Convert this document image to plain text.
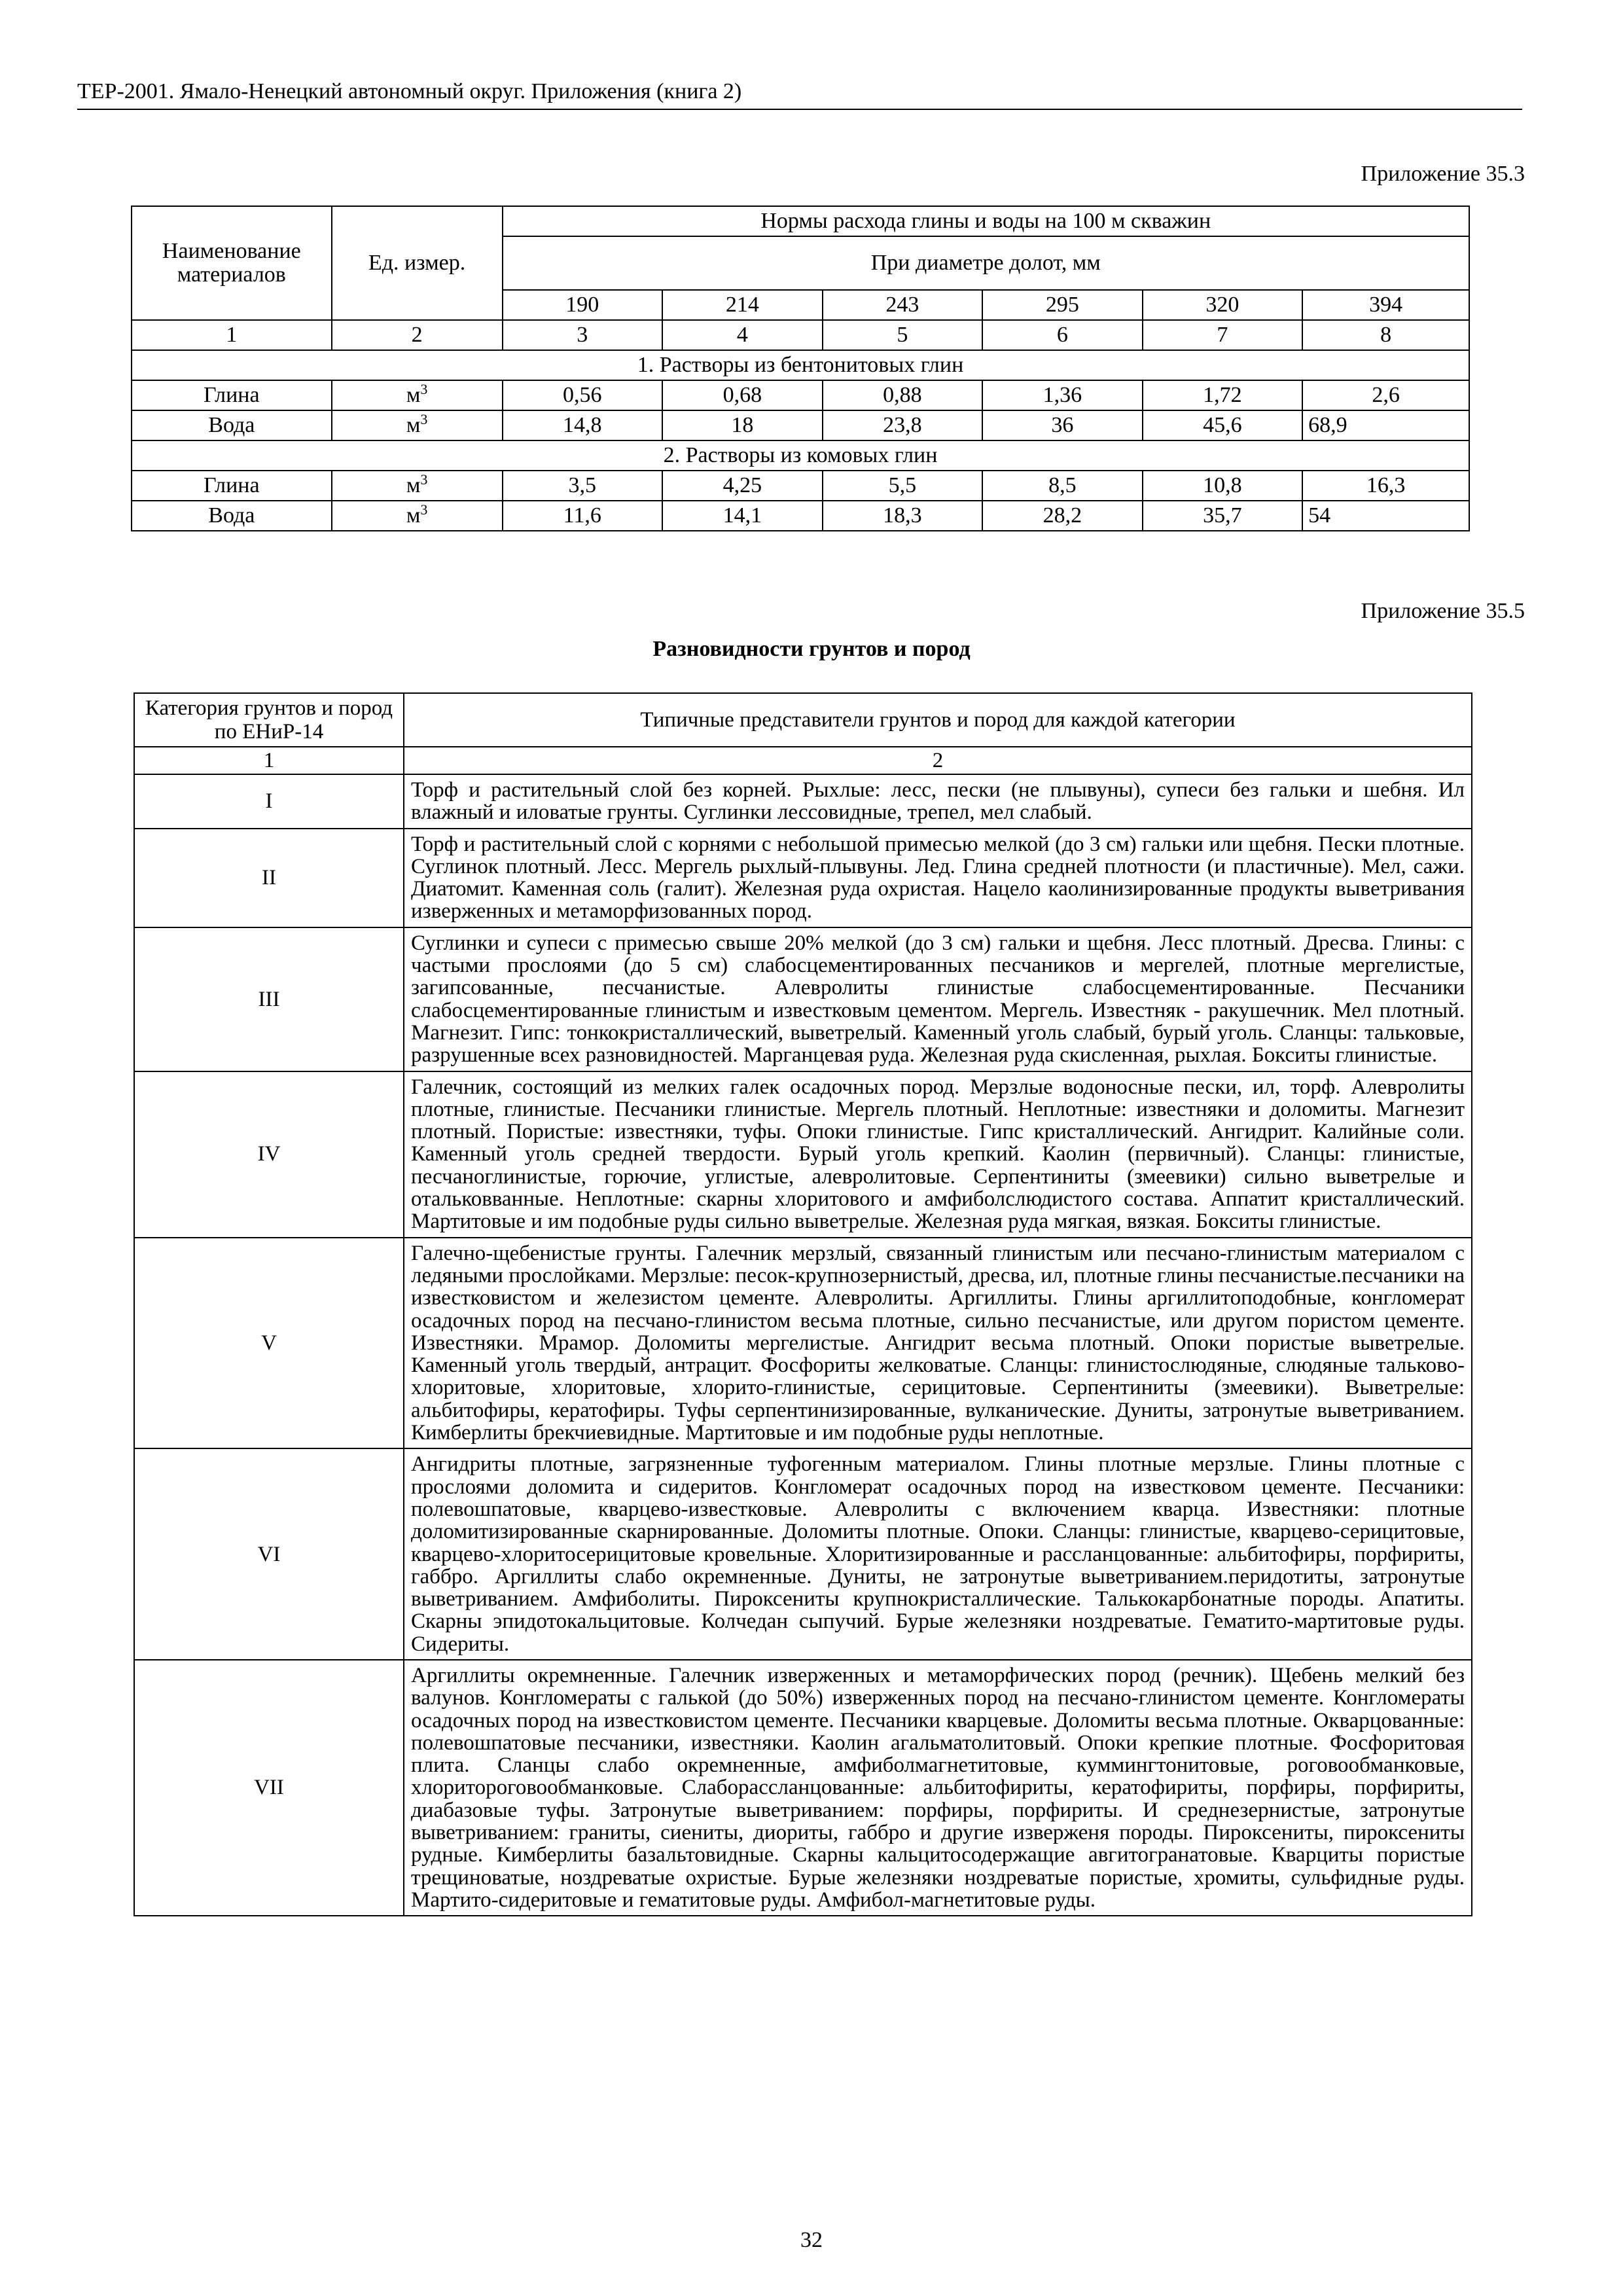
ТЕР-2001. Ямало-Ненецкий автономный округ. Приложения (книга 2)
Приложение 35.3
Наименование материалов	Ед. измер.	Нормы расхода глины и воды на 100 м скважин					
		При диаметре долот, мм					
		190	214	243	295	320	394
1	2	3	4	5	6	7	8
1. Растворы из бентонитовых глин							
Глина	$м^3$	0,56	0,68	0,88	1,36	1,72	2,6
Вода	$м^3$	14,8	18	23,8	36	45,6	68,9
2. Растворы из комовых глин							
Глина	$м^3$	3,5	4,25	5,5	8,5	10,8	16,3
Вода	$м^3$	11,6	14,1	18,3	28,2	35,7	54
Приложение 35.5
Разновидности грунтов и пород
Категория грунтов и пород по ЕНиР-14	Типичные представители грунтов и пород для каждой категории
1	2
I	Торф и растительный слой без корней. Рыхлые: лесс, пески (не плывуны), супеси без гальки и шебня. Ил влажный и иловатые грунты. Суглинки лессовидные, трепел, мел слабый.
II	Торф и растительный слой с корнями с небольшой примесью мелкой (до 3 см) гальки или щебня. Пески плотные. Суглинок плотный. Лесс. Мергель рыхлый-плывуны. Лед. Глина средней плотности (и пластичные). Мел, сажи. Диатомит. Каменная соль (галит). Железная руда охристая. Нацело каолинизированные продукты выветривания изверженных и метаморфизованных пород.
III	Суглинки и супеси с примесью свыше 20% мелкой (до 3 см) гальки и щебня. Лесс плотный. Дресва. Глины: с частыми прослоями (до 5 см) слабосцементированных песчаников и мергелей, плотные мергелистые, загипсованные, песчанистые. Алевролиты глинистые слабосцементированные. Песчаники слабосцементированные глинистым и известковым цементом. Мергель. Известняк - ракушечник. Мел плотный. Магнезит. Гипс: тонкокристаллический, выветрелый. Каменный уголь слабый, бурый уголь. Сланцы: тальковые, разрушенные всех разновидностей. Марганцевая руда. Железная руда скисленная, рыхлая. Бокситы глинистые.
IV	Галечник, состоящий из мелких галек осадочных пород. Мерзлые водоносные пески, ил, торф. Алевролиты плотные, глинистые. Песчаники глинистые. Мергель плотный. Неплотные: известняки и доломиты. Магнезит плотный. Пористые: известняки, туфы. Опоки глинистые. Гипс кристаллический. Ангидрит. Калийные соли. Каменный уголь средней твердости. Бурый уголь крепкий. Каолин (первичный). Сланцы: глинистые, песчаноглинистые, горючие, углистые, алевролитовые. Серпентиниты (змеевики) сильно выветрелые и отальковванные. Неплотные: скарны хлоритового и амфиболслюдистого состава. Аппатит кристаллический. Мартитовые и им подобные руды сильно выветрелые. Железная руда мягкая, вязкая. Бокситы глинистые.
V	Галечно-щебенистые грунты. Галечник мерзлый, связанный глинистым или песчано-глинистым материалом с ледяными прослойками. Мерзлые: песок-крупнозернистый, дресва, ил, плотные глины песчанистые.песчаники на известковистом и железистом цементе. Алевролиты. Аргиллиты. Глины аргиллитоподобные, конгломерат осадочных пород на песчано-глинистом весьма плотные, сильно песчанистые, или другом пористом цементе. Известняки. Мрамор. Доломиты мергелистые. Ангидрит весьма плотный. Опоки пористые выветрелые. Каменный уголь твердый, антрацит. Фосфориты желковатые. Сланцы: глинистослюдяные, слюдяные тальково-хлоритовые, хлоритовые, хлорито-глинистые, серицитовые. Серпентиниты (змеевики). Выветрелые: альбитофиры, кератофиры. Туфы серпентинизированные, вулканические. Дуниты, затронутые выветриванием. Кимберлиты брекчиевидные. Мартитовые и им подобные руды неплотные.
VI	Ангидриты плотные, загрязненные туфогенным материалом. Глины плотные мерзлые. Глины плотные с прослоями доломита и сидеритов. Конгломерат осадочных пород на известковом цементе. Песчаники: полевошпатовые, кварцево-известковые. Алевролиты с включением кварца. Известняки: плотные доломитизированные скарнированные. Доломиты плотные. Опоки. Сланцы: глинистые, кварцево-серицитовые, кварцево-хлоритосерицитовые кровельные. Хлоритизированные и рассланцованные: альбитофиры, порфириты, габбро. Аргиллиты слабо окремненные. Дуниты, не затронутые выветриванием.перидотиты, затронутые выветриванием. Амфиболиты. Пироксениты крупнокристаллические. Талькокарбонатные породы. Апатиты. Скарны эпидотокальцитовые. Колчедан сыпучий. Бурые железняки ноздреватые. Гематито-мартитовые руды. Сидериты.
VII	Аргиллиты окремненные. Галечник изверженных и метаморфических пород (речник). Щебень мелкий без валунов. Конгломераты с галькой (до 50%) изверженных пород на песчано-глинистом цементе. Конгломераты осадочных пород на известковистом цементе. Песчаники кварцевые. Доломиты весьма плотные. Окварцованные: полевошпатовые песчаники, известняки. Каолин агальматолитовый. Опоки крепкие плотные. Фосфоритовая плита. Сланцы слабо окремненные, амфиболмагнетитовые, куммингтонитовые, роговообманковые, хлоритороговообманковые. Слаборассланцованные: альбитофириты, кератофириты, порфиры, порфириты, диабазовые туфы. Затронутые выветриванием: порфиры, порфириты. И среднезернистые, затронутые выветриванием: граниты, сиениты, диориты, габбро и другие изверженя породы. Пироксениты, пироксениты рудные. Кимберлиты базальтовидные. Скарны кальцитосодержащие авгитогранатовые. Кварциты пористые трещиноватые, ноздреватые охристые. Бурые железняки ноздреватые пористые, хромиты, сульфидные руды. Мартито-сидеритовые и гематитовые руды. Амфибол-магнетитовые руды.
32
